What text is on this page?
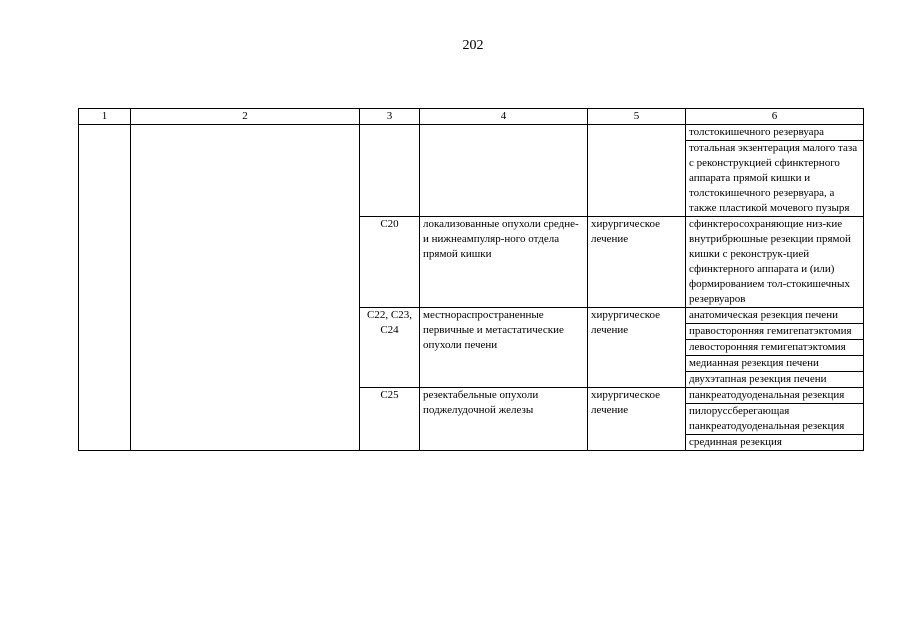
202
1	2	3	4	5	6
					толстокишечного резервуара
					тотальная экзентерация малого таза с реконструкцией сфинктерного аппарата прямой кишки и толстокишечного резервуара, а также пластикой мочевого пузыря
		C20	локализованные опухоли средне- и нижнеампуляр-ного отдела прямой кишки	хирургическое лечение	сфинктеросохраняющие низ-кие внутрибрюшные резекции прямой кишки с реконструк-цией сфинктерного аппарата и (или) формированием тол-стокишечных резервуаров
		C22, C23, C24	местнораспространенные первичные и метастатические опухоли печени	хирургическое лечение	анатомическая резекция печени
					правосторонняя гемигепатэктомия
					левосторонняя гемигепатэктомия
					медианная резекция печени
					двухэтапная резекция печени
		C25	резектабельные опухоли поджелудочной железы	хирургическое лечение	панкреатодуоденальная резекция
					пилоруссберегающая панкреатодуоденальная резекция
					срединная резекция
